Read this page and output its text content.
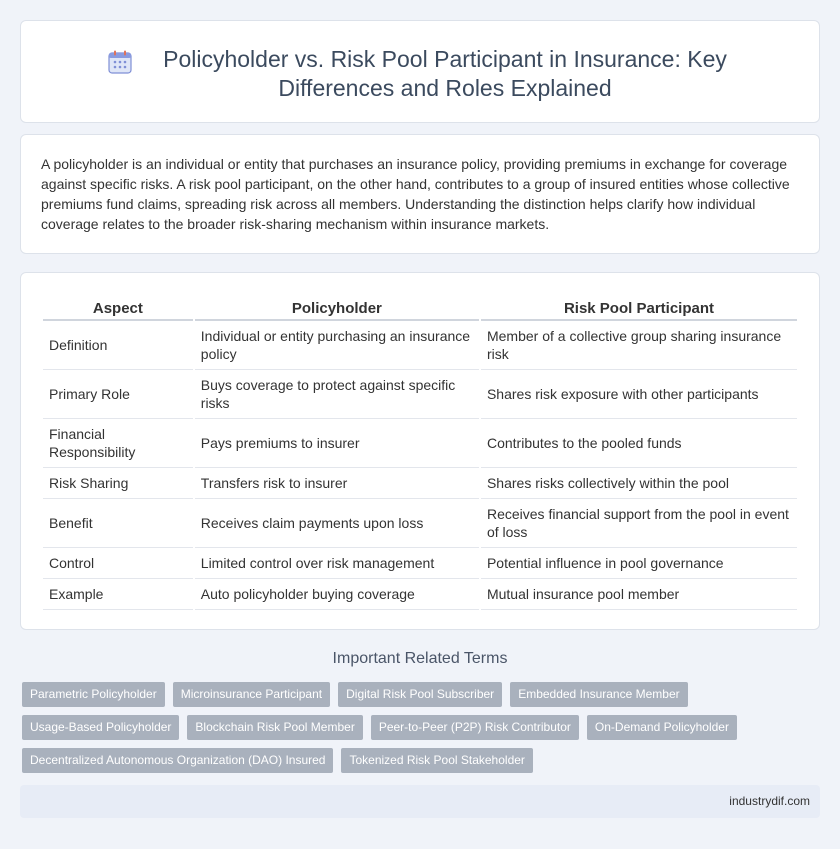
Policyholder vs. Risk Pool Participant in Insurance: Key Differences and Roles Explained

A policyholder is an individual or entity that purchases an insurance policy, providing premiums in exchange for coverage against specific risks. A risk pool participant, on the other hand, contributes to a group of insured entities whose collective premiums fund claims, spreading risk across all members. Understanding the distinction helps clarify how individual coverage relates to the broader risk-sharing mechanism within insurance markets.

Aspect	Policyholder	Risk Pool Participant
Definition	Individual or entity purchasing an insurance policy	Member of a collective group sharing insurance risk
Primary Role	Buys coverage to protect against specific risks	Shares risk exposure with other participants
Financial Responsibility	Pays premiums to insurer	Contributes to the pooled funds
Risk Sharing	Transfers risk to insurer	Shares risks collectively within the pool
Benefit	Receives claim payments upon loss	Receives financial support from the pool in event of loss
Control	Limited control over risk management	Potential influence in pool governance
Example	Auto policyholder buying coverage	Mutual insurance pool member
Important Related Terms
Parametric Policyholder	Microinsurance Participant	Digital Risk Pool Subscriber	Embedded Insurance Member
Usage-Based Policyholder	Blockchain Risk Pool Member	Peer-to-Peer (P2P) Risk Contributor	On-Demand Policyholder
Decentralized Autonomous Organization (DAO) Insured	Tokenized Risk Pool Stakeholder
industrydif.com
